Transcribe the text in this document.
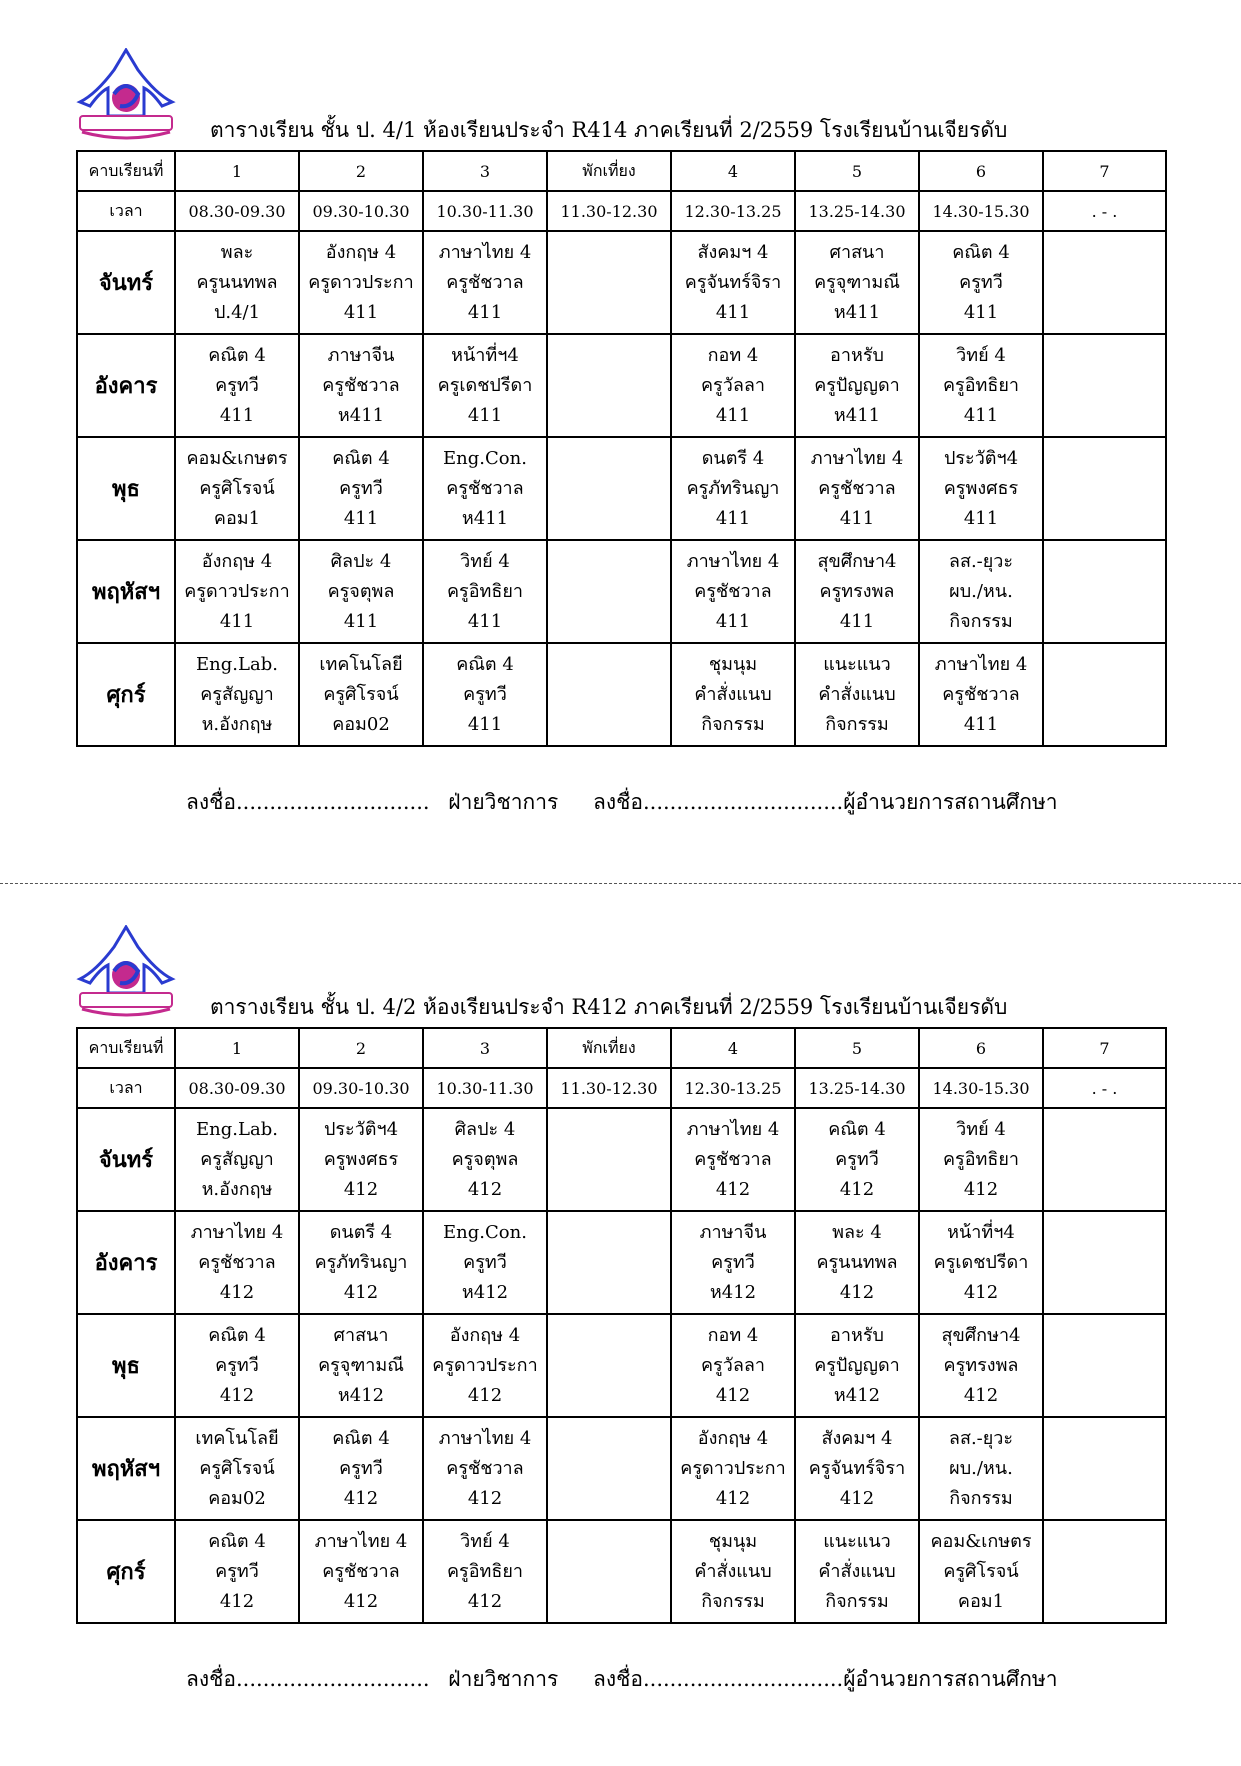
ตารางเรียน ชั้น ป. 4/1 ห้องเรียนประจำ R414 ภาคเรียนที่ 2/2559 โรงเรียนบ้านเจียรดับ
คาบเรียนที่	1	2	3	พักเที่ยง	4	5	6	7
เวลา	08.30-09.30	09.30-10.30	10.30-11.30	11.30-12.30	12.30-13.25	13.25-14.30	14.30-15.30	. - .
จันทร์	พละ
ครูนนทพล
ป.4/1	อังกฤษ 4
ครูดาวประกา
411	ภาษาไทย 4
ครูชัชวาล
411		สังคมฯ 4
ครูจันทร์จิรา
411	ศาสนา
ครูจุฑามณี
ห411	คณิต 4
ครูทวี
411	

อังคาร	คณิต 4
ครูทวี
411	ภาษาจีน
ครูชัชวาล
ห411	หน้าที่ฯ4
ครูเดชปรีดา
411		กอท 4
ครูวัลลา
411	อาหรับ
ครูปัญญดา
ห411	วิทย์ 4
ครูอิทธิยา
411	

พุธ	คอม&เกษตร
ครูศิโรจน์
คอม1	คณิต 4
ครูทวี
411	Eng.Con.
ครูชัชวาล
ห411		ดนตรี 4
ครูภัทรินญา
411	ภาษาไทย 4
ครูชัชวาล
411	ประวัติฯ4
ครูพงศธร
411	

พฤหัสฯ	อังกฤษ 4
ครูดาวประกา
411	ศิลปะ 4
ครูจตุพล
411	วิทย์ 4
ครูอิทธิยา
411		ภาษาไทย 4
ครูชัชวาล
411	สุขศึกษา4
ครูทรงพล
411	ลส.-ยุวะ
ผบ./หน.
กิจกรรม	

ศุกร์	Eng.Lab.
ครูสัญญา
ห.อังกฤษ	เทคโนโลยี
ครูศิโรจน์
คอม02	คณิต 4
ครูทวี
411		ชุมนุม
คำสั่งแนบ
กิจกรรม	แนะแนว
คำสั่งแนบ
กิจกรรม	ภาษาไทย 4
ครูชัชวาล
411	

ลงชื่อ............................. ฝ่ายวิชาการ ลงชื่อ..............................ผู้อำนวยการสถานศึกษา
ตารางเรียน ชั้น ป. 4/2 ห้องเรียนประจำ R412 ภาคเรียนที่ 2/2559 โรงเรียนบ้านเจียรดับ
คาบเรียนที่	1	2	3	พักเที่ยง	4	5	6	7
เวลา	08.30-09.30	09.30-10.30	10.30-11.30	11.30-12.30	12.30-13.25	13.25-14.30	14.30-15.30	. - .
จันทร์	Eng.Lab.
ครูสัญญา
ห.อังกฤษ	ประวัติฯ4
ครูพงศธร
412	ศิลปะ 4
ครูจตุพล
412		ภาษาไทย 4
ครูชัชวาล
412	คณิต 4
ครูทวี
412	วิทย์ 4
ครูอิทธิยา
412	

อังคาร	ภาษาไทย 4
ครูชัชวาล
412	ดนตรี 4
ครูภัทรินญา
412	Eng.Con.
ครูทวี
ห412		ภาษาจีน
ครูทวี
ห412	พละ 4
ครูนนทพล
412	หน้าที่ฯ4
ครูเดชปรีดา
412	

พุธ	คณิต 4
ครูทวี
412	ศาสนา
ครูจุฑามณี
ห412	อังกฤษ 4
ครูดาวประกา
412		กอท 4
ครูวัลลา
412	อาหรับ
ครูปัญญดา
ห412	สุขศึกษา4
ครูทรงพล
412	

พฤหัสฯ	เทคโนโลยี
ครูศิโรจน์
คอม02	คณิต 4
ครูทวี
412	ภาษาไทย 4
ครูชัชวาล
412		อังกฤษ 4
ครูดาวประกา
412	สังคมฯ 4
ครูจันทร์จิรา
412	ลส.-ยุวะ
ผบ./หน.
กิจกรรม	

ศุกร์	คณิต 4
ครูทวี
412	ภาษาไทย 4
ครูชัชวาล
412	วิทย์ 4
ครูอิทธิยา
412		ชุมนุม
คำสั่งแนบ
กิจกรรม	แนะแนว
คำสั่งแนบ
กิจกรรม	คอม&เกษตร
ครูศิโรจน์
คอม1	

ลงชื่อ............................. ฝ่ายวิชาการ ลงชื่อ..............................ผู้อำนวยการสถานศึกษา
